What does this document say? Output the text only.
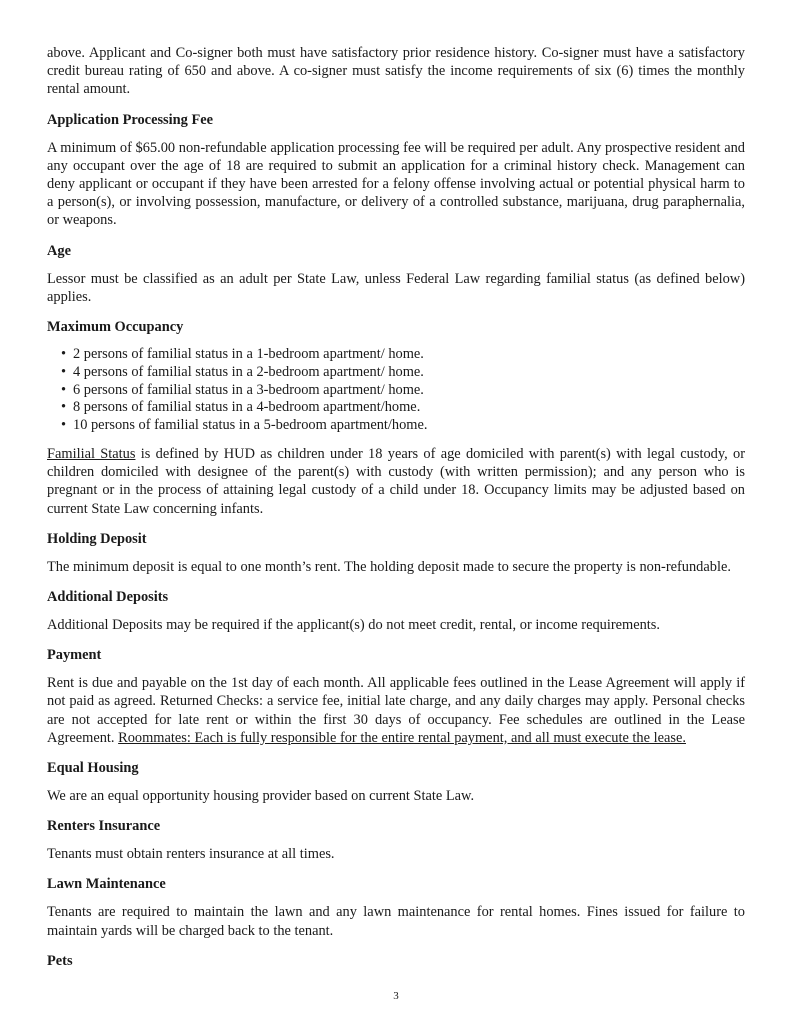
above. Applicant and Co-signer both must have satisfactory prior residence history. Co-signer must have a satisfactory credit bureau rating of 650 and above. A co-signer must satisfy the income requirements of six (6) times the monthly rental amount.

Application Processing Fee

A minimum of $65.00 non-refundable application processing fee will be required per adult. Any prospective resident and any occupant over the age of 18 are required to submit an application for a criminal history check. Management can deny applicant or occupant if they have been arrested for a felony offense involving actual or potential physical harm to a person(s), or involving possession, manufacture, or delivery of a controlled substance, marijuana, drug paraphernalia, or weapons.

Age

Lessor must be classified as an adult per State Law, unless Federal Law regarding familial status (as defined below) applies.

Maximum Occupancy
• 2 persons of familial status in a 1-bedroom apartment/ home.
• 4 persons of familial status in a 2-bedroom apartment/ home.
• 6 persons of familial status in a 3-bedroom apartment/ home.
• 8 persons of familial status in a 4-bedroom apartment/home.
• 10 persons of familial status in a 5-bedroom apartment/home.

Familial Status is defined by HUD as children under 18 years of age domiciled with parent(s) with legal custody, or children domiciled with designee of the parent(s) with custody (with written permission); and any person who is pregnant or in the process of attaining legal custody of a child under 18. Occupancy limits may be adjusted based on current State Law concerning infants.

Holding Deposit

The minimum deposit is equal to one month’s rent. The holding deposit made to secure the property is non-refundable.

Additional Deposits

Additional Deposits may be required if the applicant(s) do not meet credit, rental, or income requirements.

Payment

Rent is due and payable on the 1st day of each month. All applicable fees outlined in the Lease Agreement will apply if not paid as agreed. Returned Checks: a service fee, initial late charge, and any daily charges may apply. Personal checks are not accepted for late rent or within the first 30 days of occupancy. Fee schedules are outlined in the Lease Agreement. Roommates: Each is fully responsible for the entire rental payment, and all must execute the lease.

Equal Housing

We are an equal opportunity housing provider based on current State Law.

Renters Insurance

Tenants must obtain renters insurance at all times.

Lawn Maintenance

Tenants are required to maintain the lawn and any lawn maintenance for rental homes. Fines issued for failure to maintain yards will be charged back to the tenant.

Pets
3
